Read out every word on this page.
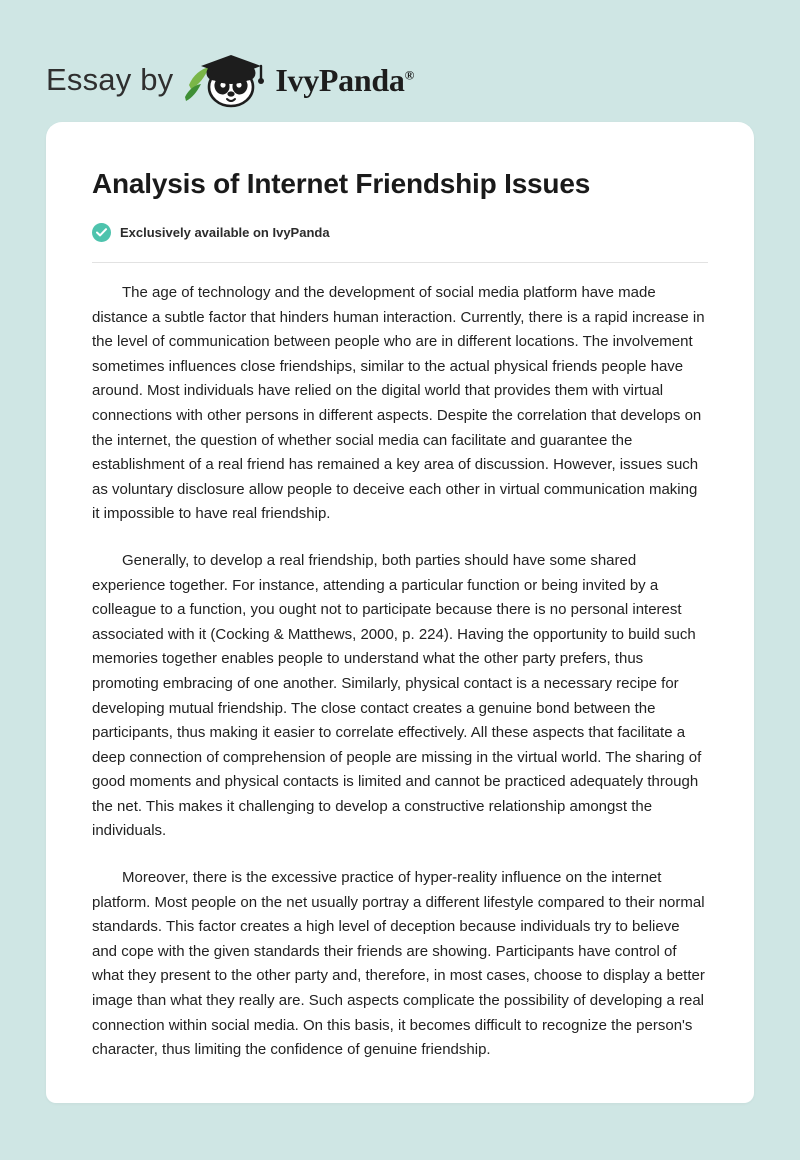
Essay by	IvyPanda®
Analysis of Internet Friendship Issues
Exclusively available on IvyPanda

The age of technology and the development of social media platform have made distance a subtle factor that hinders human interaction. Currently, there is a rapid increase in the level of communication between people who are in different locations. The involvement sometimes influences close friendships, similar to the actual physical friends people have around. Most individuals have relied on the digital world that provides them with virtual connections with other persons in different aspects. Despite the correlation that develops on the internet, the question of whether social media can facilitate and guarantee the establishment of a real friend has remained a key area of discussion. However, issues such as voluntary disclosure allow people to deceive each other in virtual communication making it impossible to have real friendship.

Generally, to develop a real friendship, both parties should have some shared experience together. For instance, attending a particular function or being invited by a colleague to a function, you ought not to participate because there is no personal interest associated with it (Cocking & Matthews, 2000, p. 224). Having the opportunity to build such memories together enables people to understand what the other party prefers, thus promoting embracing of one another. Similarly, physical contact is a necessary recipe for developing mutual friendship. The close contact creates a genuine bond between the participants, thus making it easier to correlate effectively. All these aspects that facilitate a deep connection of comprehension of people are missing in the virtual world. The sharing of good moments and physical contacts is limited and cannot be practiced adequately through the net. This makes it challenging to develop a constructive relationship amongst the individuals.

Moreover, there is the excessive practice of hyper-reality influence on the internet platform. Most people on the net usually portray a different lifestyle compared to their normal standards. This factor creates a high level of deception because individuals try to believe and cope with the given standards their friends are showing. Participants have control of what they present to the other party and, therefore, in most cases, choose to display a better image than what they really are. Such aspects complicate the possibility of developing a real connection within social media. On this basis, it becomes difficult to recognize the person's character, thus limiting the confidence of genuine friendship.
